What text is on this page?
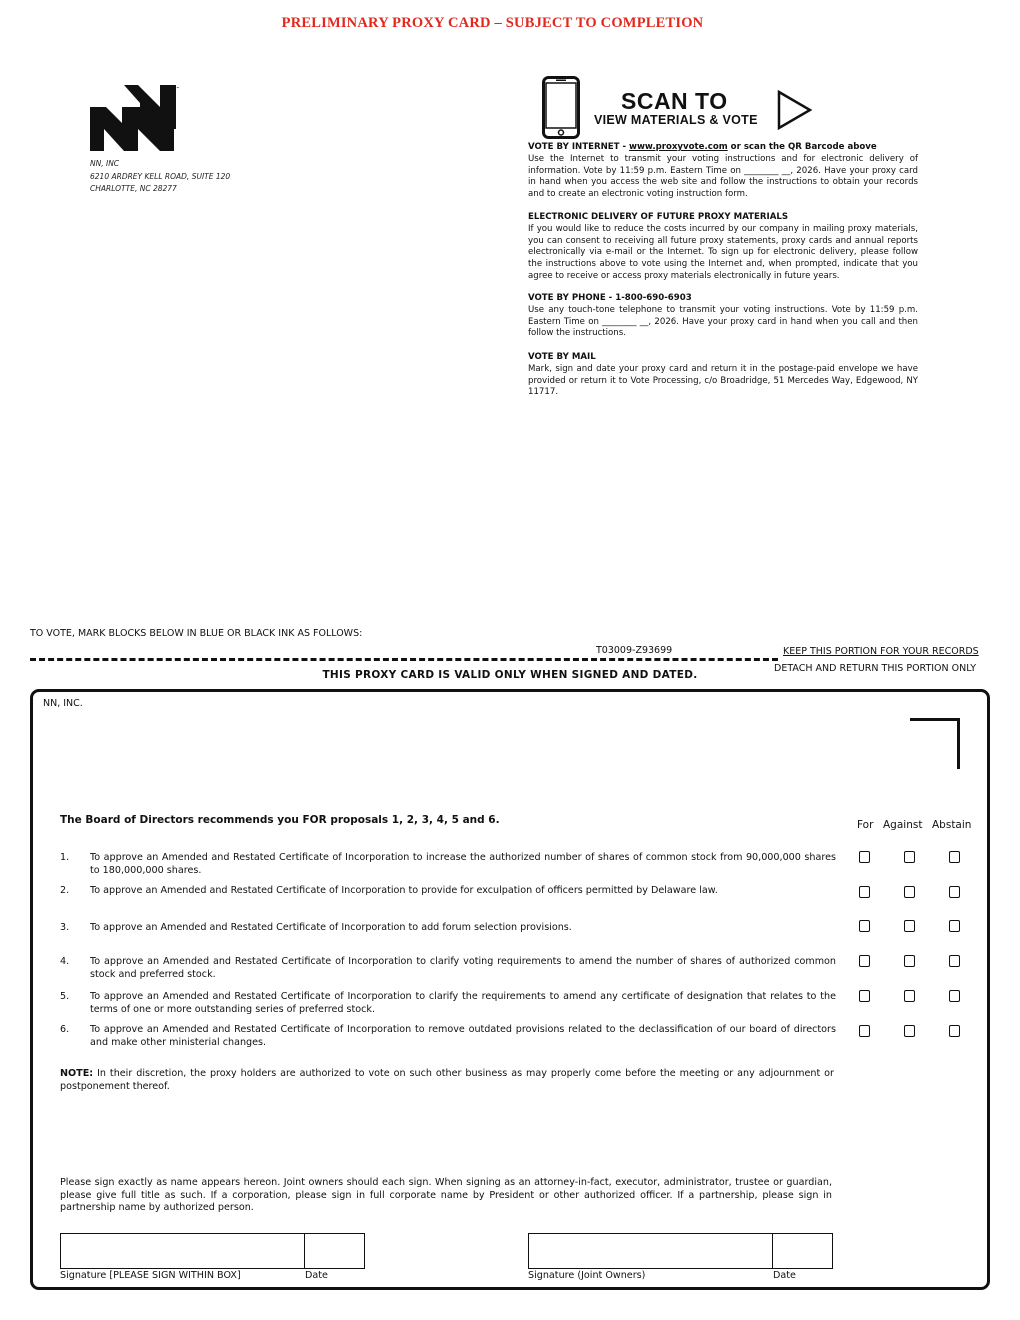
PRELIMINARY PROXY CARD – SUBJECT TO COMPLETION
™
NN, INC
6210 ARDREY KELL ROAD, SUITE 120
CHARLOTTE, NC 28277
SCAN TO
VIEW MATERIALS & VOTE
VOTE BY INTERNET - www.proxyvote.com or scan the QR Barcode above
Use the Internet to transmit your voting instructions and for electronic delivery of information. Vote by 11:59 p.m. Eastern Time on ________ __, 2026. Have your proxy card in hand when you access the web site and follow the instructions to obtain your records and to create an electronic voting instruction form.
ELECTRONIC DELIVERY OF FUTURE PROXY MATERIALS
If you would like to reduce the costs incurred by our company in mailing proxy materials, you can consent to receiving all future proxy statements, proxy cards and annual reports electronically via e-mail or the Internet. To sign up for electronic delivery, please follow the instructions above to vote using the Internet and, when prompted, indicate that you agree to receive or access proxy materials electronically in future years.
VOTE BY PHONE - 1-800-690-6903
Use any touch-tone telephone to transmit your voting instructions. Vote by 11:59 p.m. Eastern Time on ________ __, 2026. Have your proxy card in hand when you call and then follow the instructions.
VOTE BY MAIL
Mark, sign and date your proxy card and return it in the postage-paid envelope we have provided or return it to Vote Processing, c/o Broadridge, 51 Mercedes Way, Edgewood, NY 11717.
TO VOTE, MARK BLOCKS BELOW IN BLUE OR BLACK INK AS FOLLOWS:
T03009-Z93699	KEEP THIS PORTION FOR YOUR RECORDS
DETACH AND RETURN THIS PORTION ONLY
THIS PROXY CARD IS VALID ONLY WHEN SIGNED AND DATED.
NN, INC.
The Board of Directors recommends you FOR proposals 1, 2, 3, 4, 5 and 6.	For Against Abstain
1. To approve an Amended and Restated Certificate of Incorporation to increase the authorized number of shares of common stock from 90,000,000 shares to 180,000,000 shares.
2. To approve an Amended and Restated Certificate of Incorporation to provide for exculpation of officers permitted by Delaware law.
3. To approve an Amended and Restated Certificate of Incorporation to add forum selection provisions.
4. To approve an Amended and Restated Certificate of Incorporation to clarify voting requirements to amend the number of shares of authorized common stock and preferred stock.
5. To approve an Amended and Restated Certificate of Incorporation to clarify the requirements to amend any certificate of designation that relates to the terms of one or more outstanding series of preferred stock.
6. To approve an Amended and Restated Certificate of Incorporation to remove outdated provisions related to the declassification of our board of directors and make other ministerial changes.
NOTE: In their discretion, the proxy holders are authorized to vote on such other business as may properly come before the meeting or any adjournment or postponement thereof.
Please sign exactly as name appears hereon. Joint owners should each sign. When signing as an attorney-in-fact, executor, administrator, trustee or guardian, please give full title as such. If a corporation, please sign in full corporate name by President or other authorized officer. If a partnership, please sign in partnership name by authorized person.
Signature [PLEASE SIGN WITHIN BOX]	Date	Signature (Joint Owners)	Date
